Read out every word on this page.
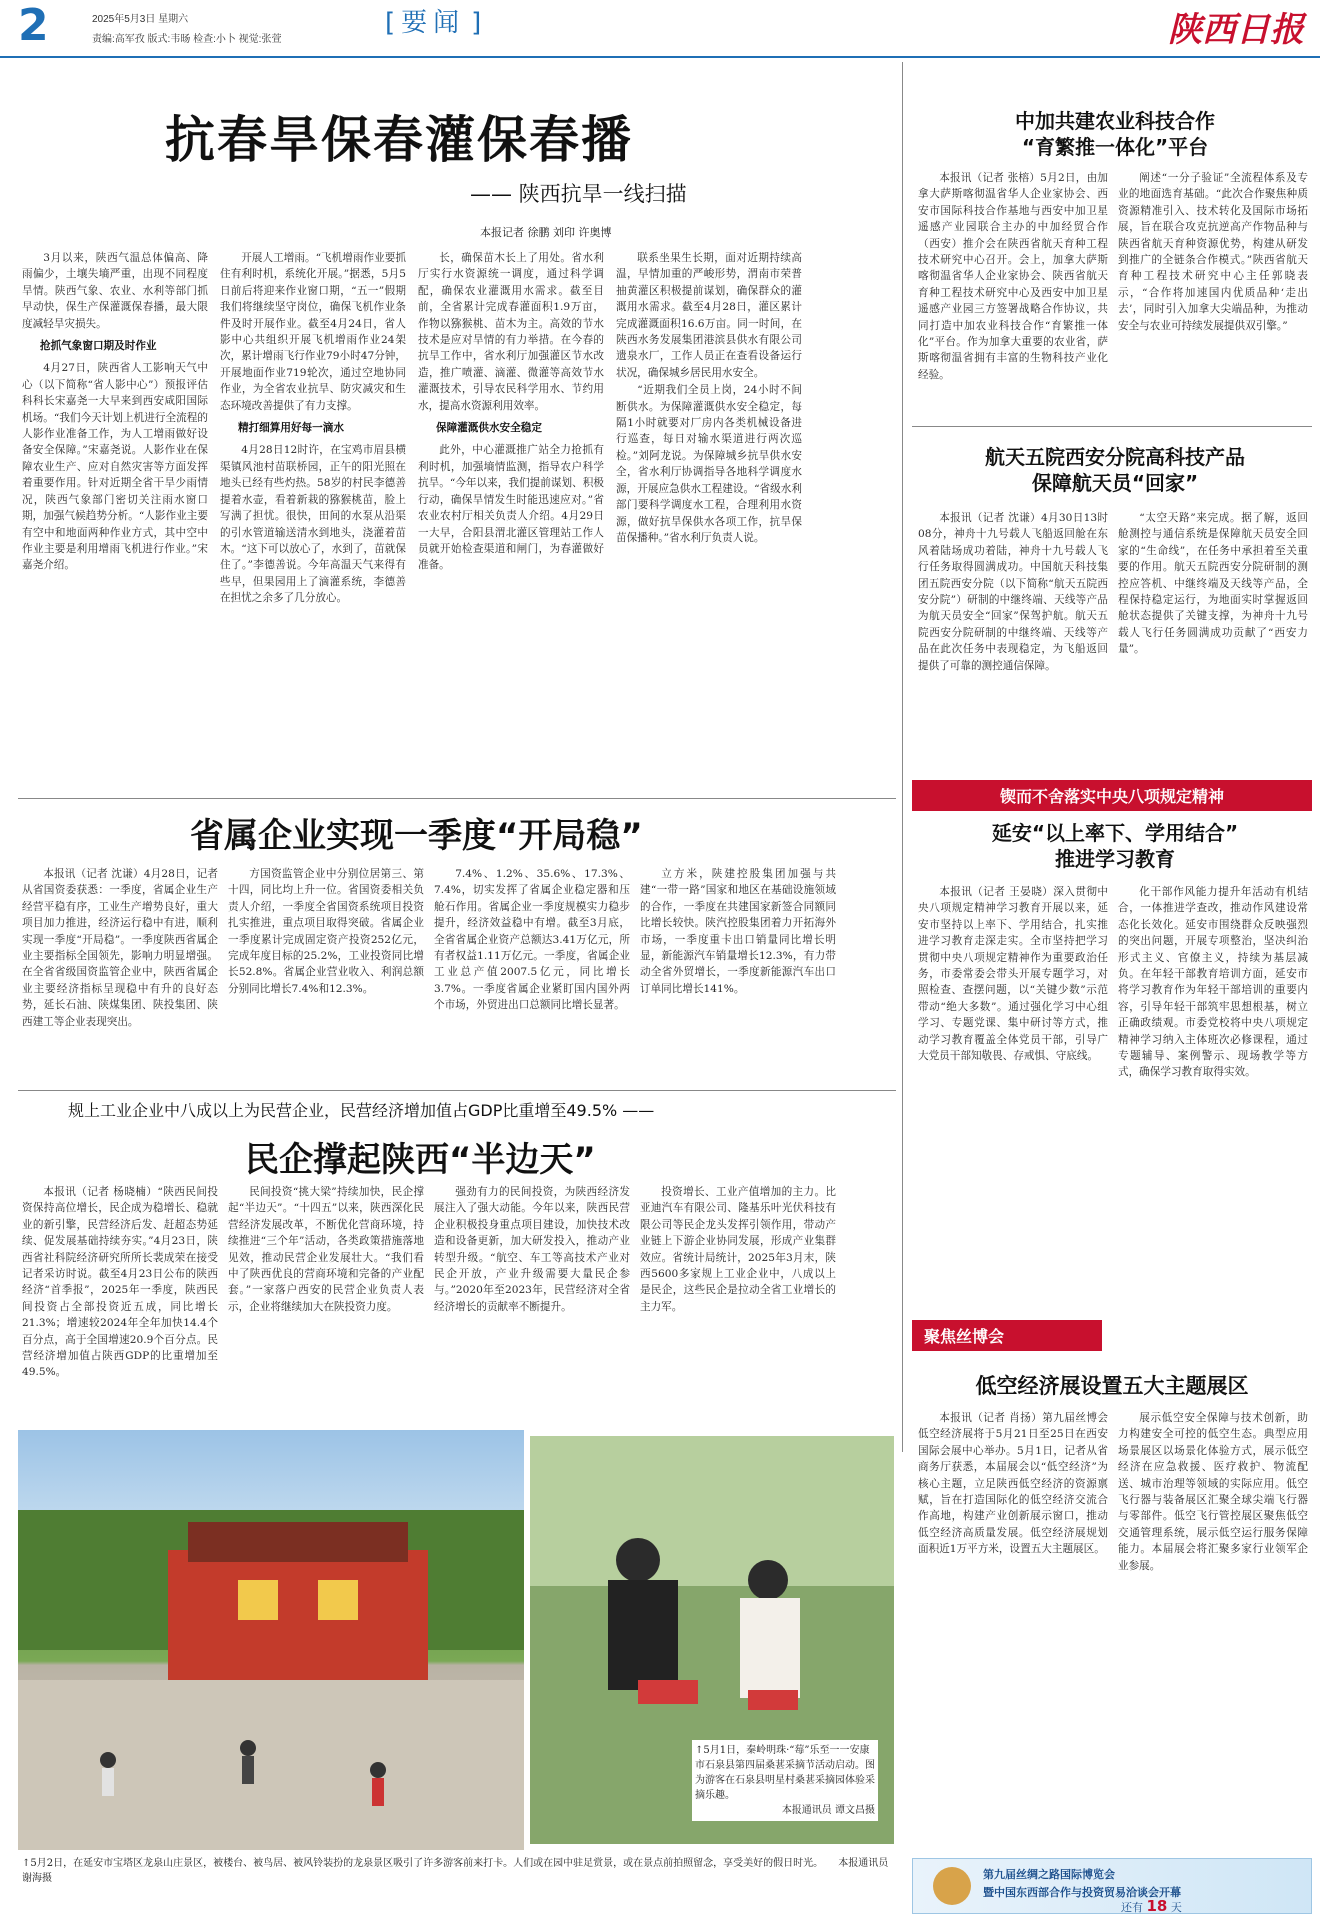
2	2025年5月3日 星期六
责编:高军孜 版式:韦旸 检查:小卜 视觉:张萱
[ 要闻 ]	陕西日报
抗春旱保春灌保春播
—— 陕西抗旱一线扫描
本报记者 徐鹏 刘印 许奥博

3月以来，陕西气温总体偏高、降雨偏少，土壤失墒严重，出现不同程度旱情。陕西气象、农业、水利等部门抓早动快，保生产保灌溉保春播，最大限度减轻旱灾损失。

抢抓气象窗口期及时作业

4月27日，陕西省人工影响天气中心（以下简称“省人影中心”）预报评估科科长宋嘉尧一大早来到西安咸阳国际机场。“我们今天计划上机进行全流程的人影作业准备工作，为人工增雨做好设备安全保障。”宋嘉尧说。人影作业在保障农业生产、应对自然灾害等方面发挥着重要作用。针对近期全省干旱少雨情况，陕西气象部门密切关注雨水窗口期，加强气候趋势分析。“人影作业主要有空中和地面两种作业方式，其中空中作业主要是利用增雨飞机进行作业。”宋嘉尧介绍。

开展人工增雨。“飞机增雨作业要抓住有利时机，系统化开展。”据悉，5月5日前后将迎来作业窗口期，“五一”假期我们将继续坚守岗位，确保飞机作业条件及时开展作业。截至4月24日，省人影中心共组织开展飞机增雨作业24架次，累计增雨飞行作业79小时47分钟，开展地面作业719轮次，通过空地协同作业，为全省农业抗旱、防灾减灾和生态环境改善提供了有力支撑。

精打细算用好每一滴水

4月28日12时许，在宝鸡市眉县横渠镇风池村苗联桥园，正午的阳光照在地头已经有些灼热。58岁的村民李德善提着水壶，看着新栽的猕猴桃苗，脸上写满了担忧。很快，田间的水泵从沿渠的引水管道输送清水到地头，浇灌着苗木。“这下可以放心了，水到了，苗就保住了。”李德善说。今年高温天气来得有些早，但果园用上了滴灌系统，李德善在担忧之余多了几分放心。

长，确保苗木长上了用处。省水利厅实行水资源统一调度，通过科学调配，确保农业灌溉用水需求。截至目前，全省累计完成春灌面积1.9万亩，作物以猕猴桃、苗木为主。高效的节水技术是应对旱情的有力举措。在今春的抗旱工作中，省水利厅加强灌区节水改造，推广喷灌、滴灌、微灌等高效节水灌溉技术，引导农民科学用水、节约用水，提高水资源利用效率。

保障灌溉供水安全稳定

此外，中心灌溉推广站全力抢抓有利时机，加强墒情监测，指导农户科学抗旱。“今年以来，我们提前谋划、积极行动，确保旱情发生时能迅速应对。”省农业农村厅相关负责人介绍。4月29日一大早，合阳县渭北灌区管理站工作人员就开始检查渠道和闸门，为春灌做好准备。

联系坐果生长期，面对近期持续高温，早情加重的严峻形势，渭南市荣普抽黄灌区积极提前谋划，确保群众的灌溉用水需求。截至4月28日，灌区累计完成灌溉面积16.6万亩。同一时间，在陕西水务发展集团港滨县供水有限公司遗泉水厂，工作人员正在查看设备运行状况，确保城乡居民用水安全。

“近期我们全员上岗，24小时不间断供水。为保障灌溉供水安全稳定，每隔1小时就要对厂房内各类机械设备进行巡查，每日对输水渠道进行两次巡检。”刘阿龙说。为保障城乡抗旱供水安全，省水利厅协调指导各地科学调度水源，开展应急供水工程建设。“省级水利部门要科学调度水工程，合理利用水资源，做好抗旱保供水各项工作，抗旱保苗保播种。”省水利厅负责人说。

中加共建农业科技合作
“育繁推一体化”平台

本报讯（记者 张榕）5月2日，由加拿大萨斯喀彻温省华人企业家协会、西安市国际科技合作基地与西安中加卫星遥感产业园联合主办的中加经贸合作（西安）推介会在陕西省航天育种工程技术研究中心召开。会上，加拿大萨斯喀彻温省华人企业家协会、陕西省航天育种工程技术研究中心及西安中加卫星遥感产业园三方签署战略合作协议，共同打造中加农业科技合作“育繁推一体化”平台。作为加拿大重要的农业省，萨斯喀彻温省拥有丰富的生物科技产业化经验。

阐述“一分子验证”全流程体系及专业的地面选育基础。“此次合作聚焦种质资源精准引入、技术转化及国际市场拓展，旨在联合攻克抗逆高产作物品种与陕西省航天育种资源优势，构建从研发到推广的全链条合作模式。”陕西省航天育种工程技术研究中心主任郭晓表示，“合作将加速国内优质品种‘走出去’，同时引入加拿大尖端品种，为推动安全与农业可持续发展提供双引擎。”

航天五院西安分院高科技产品
保障航天员“回家”

本报讯（记者 沈谦）4月30日13时08分，神舟十九号载人飞船返回舱在东风着陆场成功着陆，神舟十九号载人飞行任务取得圆满成功。中国航天科技集团五院西安分院（以下简称“航天五院西安分院”）研制的中继终端、天线等产品为航天员安全“回家”保驾护航。航天五院西安分院研制的中继终端、天线等产品在此次任务中表现稳定，为飞船返回提供了可靠的测控通信保障。

“太空天路”来完成。据了解，返回舱测控与通信系统是保障航天员安全回家的“生命线”，在任务中承担着至关重要的作用。航天五院西安分院研制的测控应答机、中继终端及天线等产品，全程保持稳定运行，为地面实时掌握返回舱状态提供了关键支撑，为神舟十九号载人飞行任务圆满成功贡献了“西安力量”。

锲而不舍落实中央八项规定精神
延安“以上率下、学用结合”
推进学习教育

本报讯（记者 王晏晓）深入贯彻中央八项规定精神学习教育开展以来，延安市坚持以上率下、学用结合，扎实推进学习教育走深走实。全市坚持把学习贯彻中央八项规定精神作为重要政治任务，市委常委会带头开展专题学习，对照检查、查摆问题，以“关键少数”示范带动“绝大多数”。通过强化学习中心组学习、专题党课、集中研讨等方式，推动学习教育覆盖全体党员干部，引导广大党员干部知敬畏、存戒惧、守底线。

化干部作风能力提升年活动有机结合，一体推进学查改，推动作风建设常态化长效化。延安市围绕群众反映强烈的突出问题，开展专项整治，坚决纠治形式主义、官僚主义，持续为基层减负。在年轻干部教育培训方面，延安市将学习教育作为年轻干部培训的重要内容，引导年轻干部筑牢思想根基，树立正确政绩观。市委党校将中央八项规定精神学习纳入主体班次必修课程，通过专题辅导、案例警示、现场教学等方式，确保学习教育取得实效。

省属企业实现一季度“开局稳”

本报讯（记者 沈谦）4月28日，记者从省国资委获悉：一季度，省属企业生产经营平稳有序，工业生产增势良好，重大项目加力推进，经济运行稳中有进，顺利实现一季度“开局稳”。一季度陕西省属企业主要指标全国领先，影响力明显增强。在全省省级国资监管企业中，陕西省属企业主要经济指标呈现稳中有升的良好态势，延长石油、陕煤集团、陕投集团、陕西建工等企业表现突出。

方国资监管企业中分别位居第三、第十四，同比均上升一位。省国资委相关负责人介绍，一季度全省国资系统项目投资扎实推进，重点项目取得突破。省属企业一季度累计完成固定资产投资252亿元，完成年度目标的25.2%，工业投资同比增长52.8%。省属企业营业收入、利润总额分别同比增长7.4%和12.3%。

7.4%、1.2%、35.6%、17.3%、7.4%，切实发挥了省属企业稳定器和压舱石作用。省属企业一季度规模实力稳步提升，经济效益稳中有增。截至3月底，全省省属企业资产总额达3.41万亿元，所有者权益1.11万亿元。一季度，省属企业工业总产值2007.5亿元，同比增长3.7%。一季度省属企业紧盯国内国外两个市场，外贸进出口总额同比增长显著。

立方米，陕建控股集团加强与共建“一带一路”国家和地区在基础设施领域的合作，一季度在共建国家新签合同额同比增长较快。陕汽控股集团着力开拓海外市场，一季度重卡出口销量同比增长明显，新能源汽车销量增长12.3%，有力带动全省外贸增长，一季度新能源汽车出口订单同比增长141%。

规上工业企业中八成以上为民营企业，民营经济增加值占GDP比重增至49.5% ——
民企撑起陕西“半边天”

本报讯（记者 杨晓楠）“陕西民间投资保持高位增长，民企成为稳增长、稳就业的新引擎，民营经济后发、赶超态势延续、促发展基础持续夯实。”4月23日，陕西省社科院经济研究所所长裴成荣在接受记者采访时说。截至4月23日公布的陕西经济“首季报”，2025年一季度，陕西民间投资占全部投资近五成，同比增长21.3%；增速较2024年全年加快14.4个百分点，高于全国增速20.9个百分点。民营经济增加值占陕西GDP的比重增加至49.5%。

民间投资“挑大梁”持续加快，民企撑起“半边天”。“十四五”以来，陕西深化民营经济发展改革，不断优化营商环境，持续推进“三个年”活动，各类政策措施落地见效，推动民营企业发展壮大。“我们看中了陕西优良的营商环境和完备的产业配套。”一家落户西安的民营企业负责人表示，企业将继续加大在陕投资力度。

强劲有力的民间投资，为陕西经济发展注入了强大动能。今年以来，陕西民营企业积极投身重点项目建设，加快技术改造和设备更新，加大研发投入，推动产业转型升级。“航空、车工等高技术产业对民企开放，产业升级需要大量民企参与。”2020年至2023年，民营经济对全省经济增长的贡献率不断提升。

投资增长、工业产值增加的主力。比亚迪汽车有限公司、隆基乐叶光伏科技有限公司等民企龙头发挥引领作用，带动产业链上下游企业协同发展，形成产业集群效应。省统计局统计，2025年3月末，陕西5600多家规上工业企业中，八成以上是民企，这些民企是拉动全省工业增长的主力军。

聚焦丝博会
低空经济展设置五大主题展区

本报讯（记者 肖扬）第九届丝博会低空经济展将于5月21日至25日在西安国际会展中心举办。5月1日，记者从省商务厅获悉，本届展会以“低空经济”为核心主题，立足陕西低空经济的资源禀赋，旨在打造国际化的低空经济交流合作高地，构建产业创新展示窗口，推动低空经济高质量发展。低空经济展规划面积近1万平方米，设置五大主题展区。

展示低空安全保障与技术创新，助力构建安全可控的低空生态。典型应用场景展区以场景化体验方式，展示低空经济在应急救援、医疗救护、物流配送、城市治理等领域的实际应用。低空飞行器与装备展区汇聚全球尖端飞行器与零部件。低空飞行管控展区聚焦低空交通管理系统，展示低空运行服务保障能力。本届展会将汇聚多家行业领军企业参展。

↑5月1日，秦岭明珠·“莓”乐至一一安康市石泉县第四届桑葚采摘节活动启动。图为游客在石泉县明星村桑葚采摘园体验采摘乐趣。
本报通讯员 谭文昌摄
↑5月2日，在延安市宝塔区龙泉山庄景区，被楼台、被鸟居、被风铃装扮的龙泉景区吸引了许多游客前来打卡。人们或在园中驻足赏景，或在景点前拍照留念，享受美好的假日时光。 本报通讯员 谢海摄	第九届丝绸之路国际博览会
暨中国东西部合作与投资贸易洽谈会开幕
还有 18 天
